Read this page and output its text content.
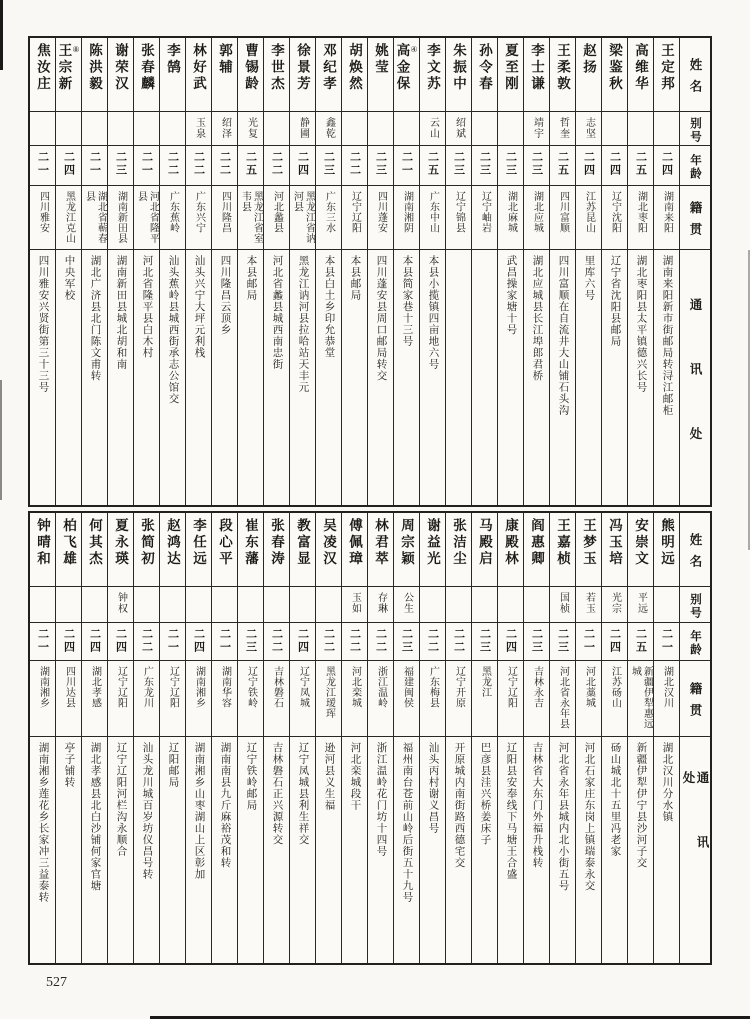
焦汝庄
二一
四川雅安
四川雅安兴贤街第三十三号
王宗新 ⑧
二四
黑龙江克山
中央军校
陈洪毅
二一
湖北省蕲春县
湖北广济县北门陈文甫转
谢荣汉
二三
湖南新田县
湖南新田县城北胡和南
张春麟
二一
河北省隆平县
河北省隆平县白木村
李鹄
二二
广东蕉岭
汕头蕉岭县城西街承志公馆交
林好武
玉泉
二二
广东兴宁
汕头兴宁大坪元利栈
郭辅
绍泽
二二
四川隆昌
四川隆昌云顶乡
曹锡龄
光复
二五
黑龙江省室韦县
本县邮局
李世杰
二二
河北蠡县
河北省蠡县城西南忠街
徐景芳
静圃
二四
黑龙江省讷河县
黑龙江讷河县拉哈站天丰元
邓纪孝
鑫乾
二三
广东三水
本县白土乡印允恭堂
胡焕然
二二
辽宁辽阳
本县邮局
姚莹
二三
四川蓬安
四川蓬安县周口邮局转交
高金保 ④
二一
湖南湘阴
本县简家巷十三号
李文苏
云山
二五
广东中山
本县小揽镇四亩地六号
朱振中
绍斌
二三
辽宁锦县
孙令春
二三
辽宁岫岩
夏至刚
二三
湖北麻城
武昌操家塘十号
李士谦
靖宇
二三
湖北应城
湖北应城县长江埠郎君桥
王柔敦
哲奎
二五
四川富顺
四川富顺在自流井大山铺石头沟
赵扬
志坚
二四
江苏昆山
里库六号
梁鉴秋
二四
辽宁沈阳
辽宁省沈阳县邮局
高维华
二五
湖北枣阳
湖北枣阳县太平镇德兴长号
王定邦
二四
湖南来阳
湖南来阳新市街邮局转浔江邮柜
姓名
别号
年龄
籍贯
通讯处
钟晴和
二一
湖南湘乡
湖南湘乡莲花乡长家冲三益泰转
柏飞雄
二四
四川达县
亭子铺转
何其杰
二四
湖北孝感
湖北孝感县北白沙铺何家官塘
夏永瑛
钟权
二四
辽宁辽阳
辽宁辽阳河栏沟永顺合
张简初
二二
广东龙川
汕头龙川城百岁坊仪昌号转
赵鸿达
二一
辽宁辽阳
辽阳邮局
李任远
二四
湖南湘乡
湖南湘乡山枣湖山上区彰加
段心平
二一
湖南华容
湖南南县九斤麻裕茂和转
崔东藩
二三
辽宁铁岭
辽宁铁岭邮局
张春涛
二二
吉林磐石
吉林磐石正兴源转交
教富显
二四
辽宁凤城
辽宁凤城县利生祥交
吴凌汉
二二
黑龙江瑷珲
逊河县义生福
傅佩璋
玉如
二二
河北栾城
河北栾城段干
林君萃
存琳
二二
浙江温岭
浙江温岭花门坊十四号
周宗颖
公生
二三
福建闽侯
福州南台苍前山岭后街五十九号
谢益光
二二
广东梅县
汕头丙村谢义昌号
张洁尘
二二
辽宁开原
开原城内南街路西德宅交
马殿启
二三
黑龙江
巴彦县洼兴桥姜床子
康殿林
二四
辽宁辽阳
辽阳县安奉线下马塘王合盛
阎惠卿
二三
吉林永吉
吉林省大东门外福升栈转
王嘉桢
国桢
二三
河北省永年县
河北省永年县城内北小街五号
王梦玉
若玉
二一
河北藁城
河北石家庄东岗上镇瑞泰永交
冯玉培
光宗
二四
江苏砀山
砀山城北十五里冯老家
安崇文
平远
二五
新疆伊犁惠远城
新疆伊犁伊宁县沙河子交
熊明远
二一
湖北汉川
湖北汉川分水镇
姓名
别号
年龄
籍贯
通讯处
527
